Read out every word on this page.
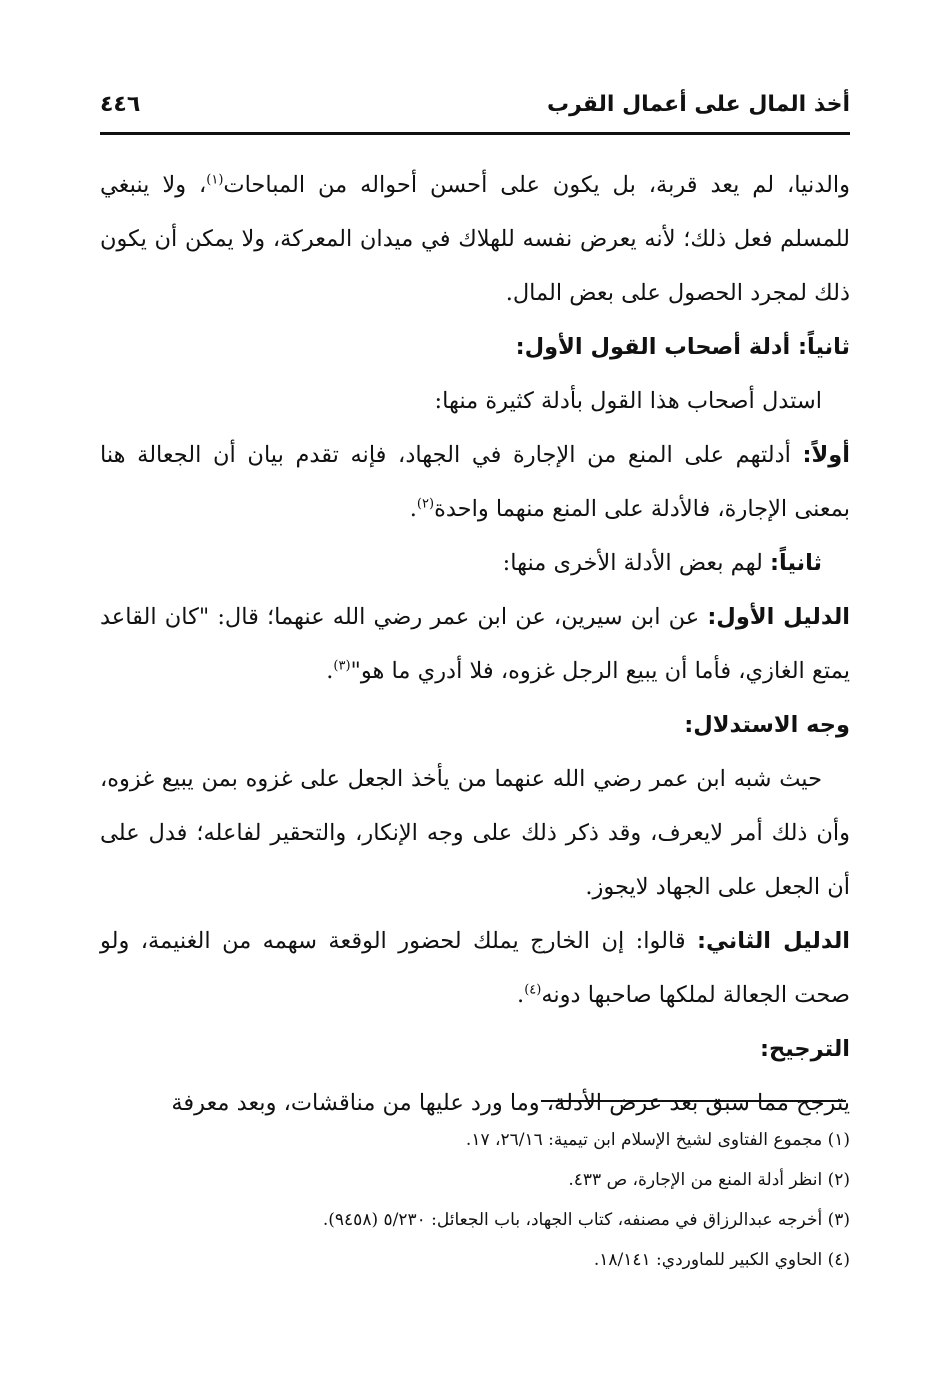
أخذ المال على أعمال القرب
٤٤٦

والدنيا، لم يعد قربة، بل يكون على أحسن أحواله من المباحات$^{(١)}$، ولا ينبغي للمسلم فعل ذلك؛ لأنه يعرض نفسه للهلاك في ميدان المعركة، ولا يمكن أن يكون ذلك لمجرد الحصول على بعض المال.

ثانياً: أدلة أصحاب القول الأول:

استدل أصحاب هذا القول بأدلة كثيرة منها:

أولاً: أدلتهم على المنع من الإجارة في الجهاد، فإنه تقدم بيان أن الجعالة هنا بمعنى الإجارة، فالأدلة على المنع منهما واحدة$^{(٢)}$.

ثانياً: لهم بعض الأدلة الأخرى منها:

الدليل الأول: عن ابن سيرين، عن ابن عمر رضي الله عنهما؛ قال: "كان القاعد يمتع الغازي، فأما أن يبيع الرجل غزوه، فلا أدري ما هو"$^{(٣)}$.

وجه الاستدلال:

حيث شبه ابن عمر رضي الله عنهما من يأخذ الجعل على غزوه بمن يبيع غزوه، وأن ذلك أمر لايعرف، وقد ذكر ذلك على وجه الإنكار، والتحقير لفاعله؛ فدل على أن الجعل على الجهاد لايجوز.

الدليل الثاني: قالوا: إن الخارج يملك لحضور الوقعة سهمه من الغنيمة، ولو صحت الجعالة لملكها صاحبها دونه$^{(٤)}$.

الترجيح:

يترجح مما سبق بعد عرض الأدلة، وما ورد عليها من مناقشات، وبعد معرفة

(١) مجموع الفتاوى لشيخ الإسلام ابن تيمية: ٢٦/١٦، ١٧.

(٢) انظر أدلة المنع من الإجارة، ص ٤٣٣.

(٣) أخرجه عبدالرزاق في مصنفه، كتاب الجهاد، باب الجعائل: ٥/٢٣٠ (٩٤٥٨).

(٤) الحاوي الكبير للماوردي: ١٨/١٤١.
